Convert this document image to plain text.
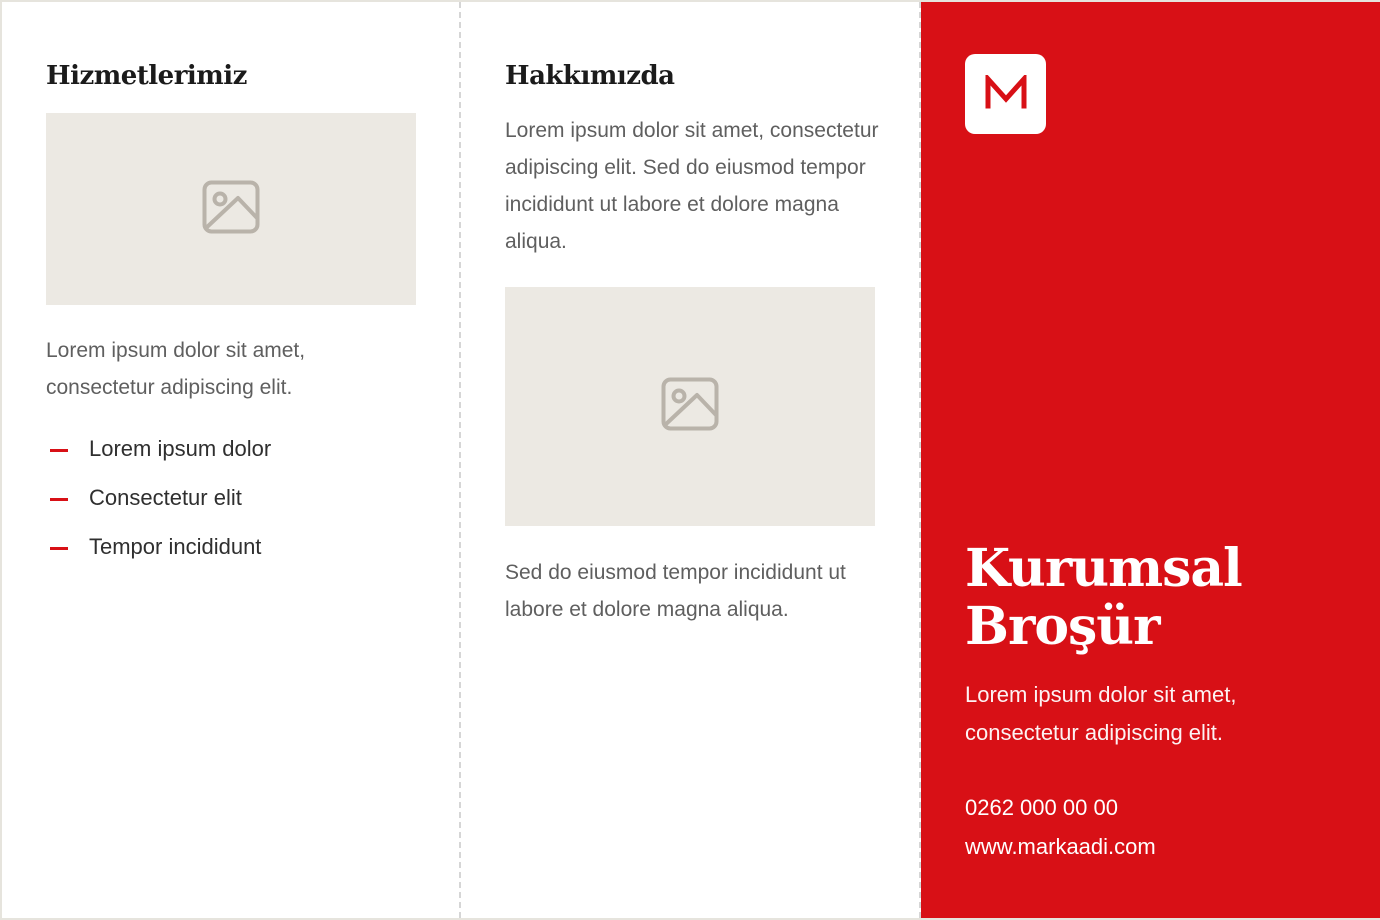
Hizmetlerimiz

Lorem ipsum dolor sit amet, consectetur adipiscing elit.

Lorem ipsum dolor
Consectetur elit
Tempor incididunt
Hakkımızda

Lorem ipsum dolor sit amet, consectetur adipiscing elit. Sed do eiusmod tempor incididunt ut labore et dolore magna aliqua.

Sed do eiusmod tempor incididunt ut labore et dolore magna aliqua.

Kurumsal
Broşür

Lorem ipsum dolor sit amet, consectetur adipiscing elit.

0262 000 00 00

www.markaadi.com
